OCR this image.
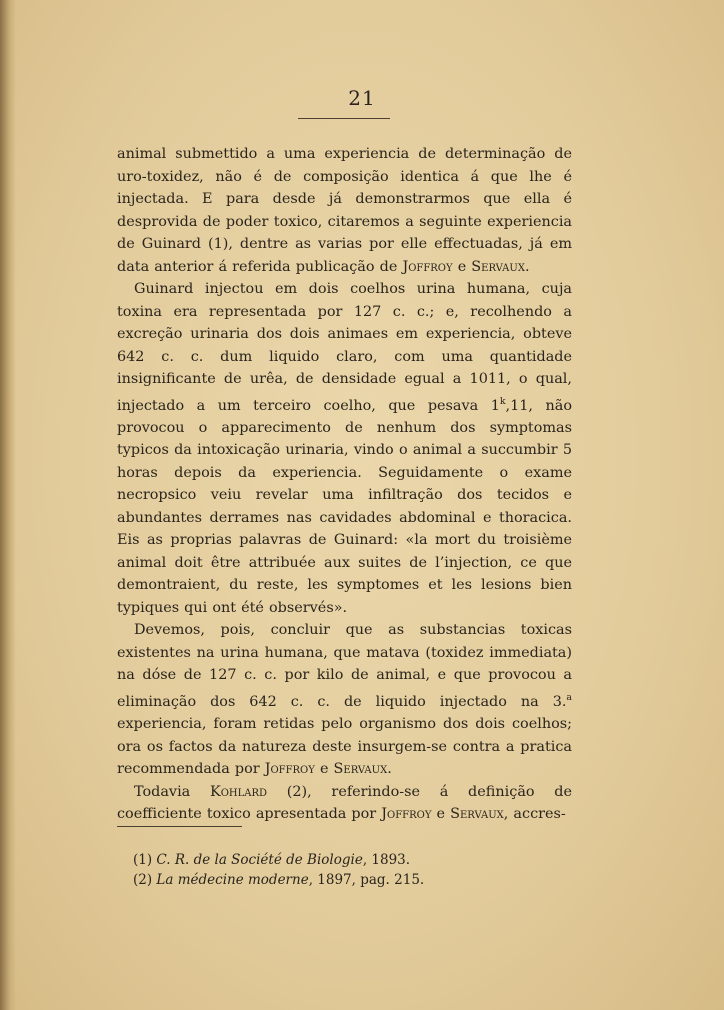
21

animal submettido a uma experiencia de determinação de uro-toxidez, não é de composição identica á que lhe é injectada. E para desde já demonstrarmos que ella é desprovida de poder toxico, citaremos a seguinte experiencia de Guinard (1), dentre as varias por elle effectuadas, já em data anterior á referida publicação de Joffroy e Servaux.

Guinard injectou em dois coelhos urina humana, cuja toxina era representada por 127 c. c.; e, recolhendo a excreção urinaria dos dois animaes em experiencia, obteve 642 c. c. dum liquido claro, com uma quantidade insignificante de urêa, de densidade egual a 1011, o qual, injectado a um terceiro coelho, que pesava 1$^k$,11, não provocou o apparecimento de nenhum dos symptomas typicos da intoxicação urinaria, vindo o animal a succumbir 5 horas depois da experiencia. Seguidamente o exame necropsico veiu revelar uma infiltração dos tecidos e abundantes derrames nas cavidades abdominal e thoracica. Eis as proprias palavras de Guinard: «la mort du troisième animal doit être attribuée aux suites de l’injection, ce que demontraient, du reste, les symptomes et les lesions bien typiques qui ont été observés».

Devemos, pois, concluir que as substancias toxicas existentes na urina humana, que matava (toxidez immediata) na dóse de 127 c. c. por kilo de animal, e que provocou a eliminação dos 642 c. c. de liquido injectado na 3.$^a$ experiencia, foram retidas pelo organismo dos dois coelhos; ora os factos da natureza deste insurgem-se contra a pratica recommendada por Joffroy e Servaux.

Todavia Kohlard (2), referindo-se á definição de coefficiente toxico apresentada por Joffroy e Servaux, accres-

(1) C. R. de la Société de Biologie, 1893.
(2) La médecine moderne, 1897, pag. 215.
